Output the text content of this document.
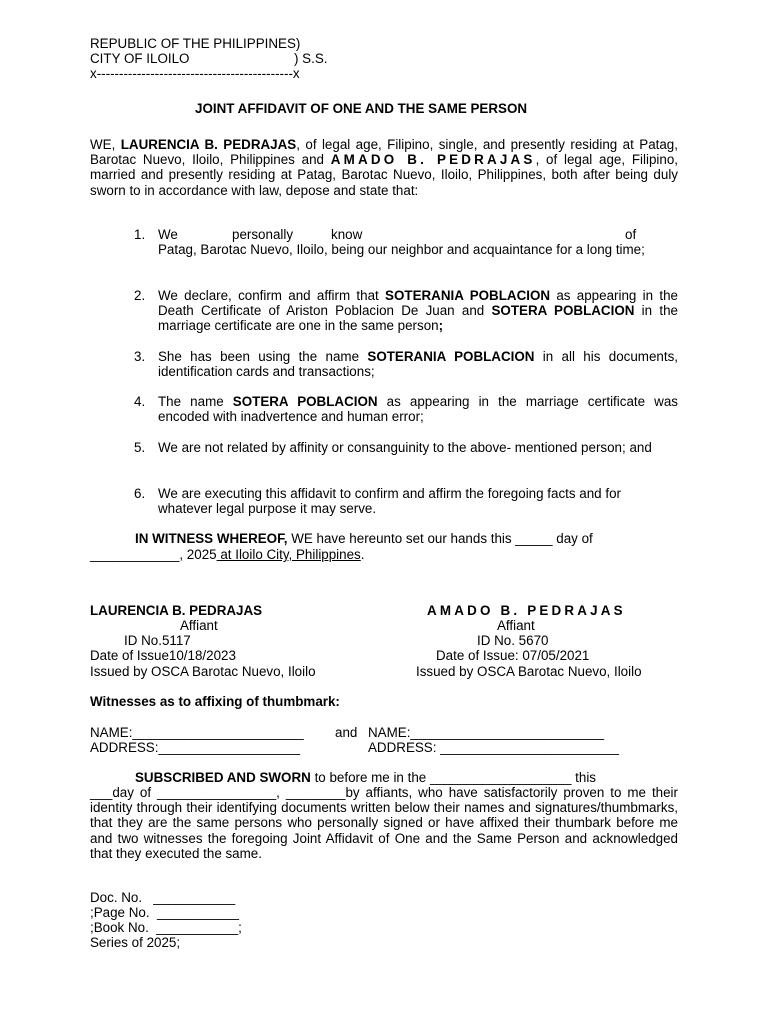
REPUBLIC OF THE PHILIPPINES)
CITY OF ILOILO	) S.S.
x--------------------------------------------x
JOINT AFFIDAVIT OF ONE AND THE SAME PERSON
WE, LAURENCIA B. PEDRAJAS, of legal age, Filipino, single, and presently residing at Patag, Barotac Nuevo, Iloilo, Philippines and AMADO B. PEDRAJAS, of legal age, Filipino, married and presently residing at Patag, Barotac Nuevo, Iloilo, Philippines, both after being duly sworn to in accordance with law, depose and state that:
1. We	personally	know	of
Patag, Barotac Nuevo, Iloilo, being our neighbor and acquaintance for a long time;
2. We declare, confirm and affirm that SOTERANIA POBLACION as appearing in the Death Certificate of Ariston Poblacion De Juan and SOTERA POBLACION in the marriage certificate are one in the same person;
3. She has been using the name SOTERANIA POBLACION in all his documents, identification cards and transactions;
4. The name SOTERA POBLACION as appearing in the marriage certificate was encoded with inadvertence and human error;
5. We are not related by affinity or consanguinity to the above- mentioned person; and
6. We are executing this affidavit to confirm and affirm the foregoing facts and for whatever legal purpose it may serve.
IN WITNESS WHEREOF, WE have hereunto set our hands this _____ day of
____________, 2025 at Iloilo City, Philippines.
LAURENCIA B. PEDRAJAS
Affiant
ID No.5117
Date of Issue10/18/2023
Issued by OSCA Barotac Nuevo, Iloilo
AMADO B. PEDRAJAS
Affiant
ID No. 5670
Date of Issue: 07/05/2021
Issued by OSCA Barotac Nuevo, Iloilo
Witnesses as to affixing of thumbmark:
NAME:_______________________ and NAME:__________________________
ADDRESS:___________________	ADDRESS: ________________________
SUBSCRIBED AND SWORN to before me in the ___________________ this
___day of ________________, ________by affiants, who have satisfactorily proven to me their identity through their identifying documents written below their names and signatures/thumbmarks, that they are the same persons who personally signed or have affixed their thumbark before me and two witnesses the foregoing Joint Affidavit of One and the Same Person and acknowledged that they executed the same.
Doc. No.   ___________
;Page No.  ___________
;Book No.  ___________;
Series of 2025;
